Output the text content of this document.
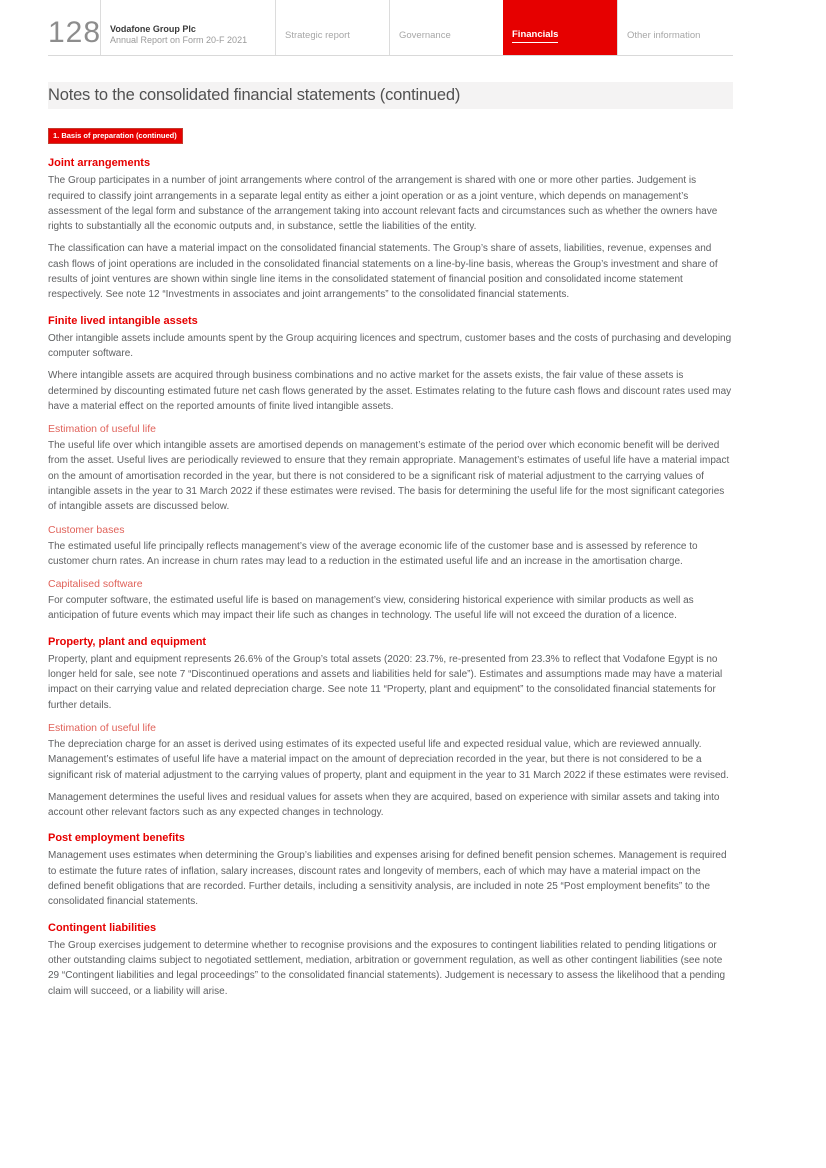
128 Vodafone Group Plc
Annual Report on Form 20-F 2021	Strategic report	Governance	Financials	Other information
Notes to the consolidated financial statements (continued)
1. Basis of preparation (continued)
Joint arrangements

The Group participates in a number of joint arrangements where control of the arrangement is shared with one or more other parties. Judgement is required to classify joint arrangements in a separate legal entity as either a joint operation or as a joint venture, which depends on management’s assessment of the legal form and substance of the arrangement taking into account relevant facts and circumstances such as whether the owners have rights to substantially all the economic outputs and, in substance, settle the liabilities of the entity.

The classification can have a material impact on the consolidated financial statements. The Group’s share of assets, liabilities, revenue, expenses and cash flows of joint operations are included in the consolidated financial statements on a line-by-line basis, whereas the Group’s investment and share of results of joint ventures are shown within single line items in the consolidated statement of financial position and consolidated income statement respectively. See note 12 “Investments in associates and joint arrangements” to the consolidated financial statements.

Finite lived intangible assets

Other intangible assets include amounts spent by the Group acquiring licences and spectrum, customer bases and the costs of purchasing and developing computer software.

Where intangible assets are acquired through business combinations and no active market for the assets exists, the fair value of these assets is determined by discounting estimated future net cash flows generated by the asset. Estimates relating to the future cash flows and discount rates used may have a material effect on the reported amounts of finite lived intangible assets.

Estimation of useful life

The useful life over which intangible assets are amortised depends on management’s estimate of the period over which economic benefit will be derived from the asset. Useful lives are periodically reviewed to ensure that they remain appropriate. Management’s estimates of useful life have a material impact on the amount of amortisation recorded in the year, but there is not considered to be a significant risk of material adjustment to the carrying values of intangible assets in the year to 31 March 2022 if these estimates were revised. The basis for determining the useful life for the most significant categories of intangible assets are discussed below.

Customer bases

The estimated useful life principally reflects management’s view of the average economic life of the customer base and is assessed by reference to customer churn rates. An increase in churn rates may lead to a reduction in the estimated useful life and an increase in the amortisation charge.

Capitalised software

For computer software, the estimated useful life is based on management’s view, considering historical experience with similar products as well as anticipation of future events which may impact their life such as changes in technology. The useful life will not exceed the duration of a licence.

Property, plant and equipment

Property, plant and equipment represents 26.6% of the Group’s total assets (2020: 23.7%, re-presented from 23.3% to reflect that Vodafone Egypt is no longer held for sale, see note 7 “Discontinued operations and assets and liabilities held for sale”). Estimates and assumptions made may have a material impact on their carrying value and related depreciation charge. See note 11 “Property, plant and equipment” to the consolidated financial statements for further details.

Estimation of useful life

The depreciation charge for an asset is derived using estimates of its expected useful life and expected residual value, which are reviewed annually. Management’s estimates of useful life have a material impact on the amount of depreciation recorded in the year, but there is not considered to be a significant risk of material adjustment to the carrying values of property, plant and equipment in the year to 31 March 2022 if these estimates were revised.

Management determines the useful lives and residual values for assets when they are acquired, based on experience with similar assets and taking into account other relevant factors such as any expected changes in technology.

Post employment benefits

Management uses estimates when determining the Group’s liabilities and expenses arising for defined benefit pension schemes. Management is required to estimate the future rates of inflation, salary increases, discount rates and longevity of members, each of which may have a material impact on the defined benefit obligations that are recorded. Further details, including a sensitivity analysis, are included in note 25 “Post employment benefits” to the consolidated financial statements.

Contingent liabilities

The Group exercises judgement to determine whether to recognise provisions and the exposures to contingent liabilities related to pending litigations or other outstanding claims subject to negotiated settlement, mediation, arbitration or government regulation, as well as other contingent liabilities (see note 29 “Contingent liabilities and legal proceedings” to the consolidated financial statements). Judgement is necessary to assess the likelihood that a pending claim will succeed, or a liability will arise.
